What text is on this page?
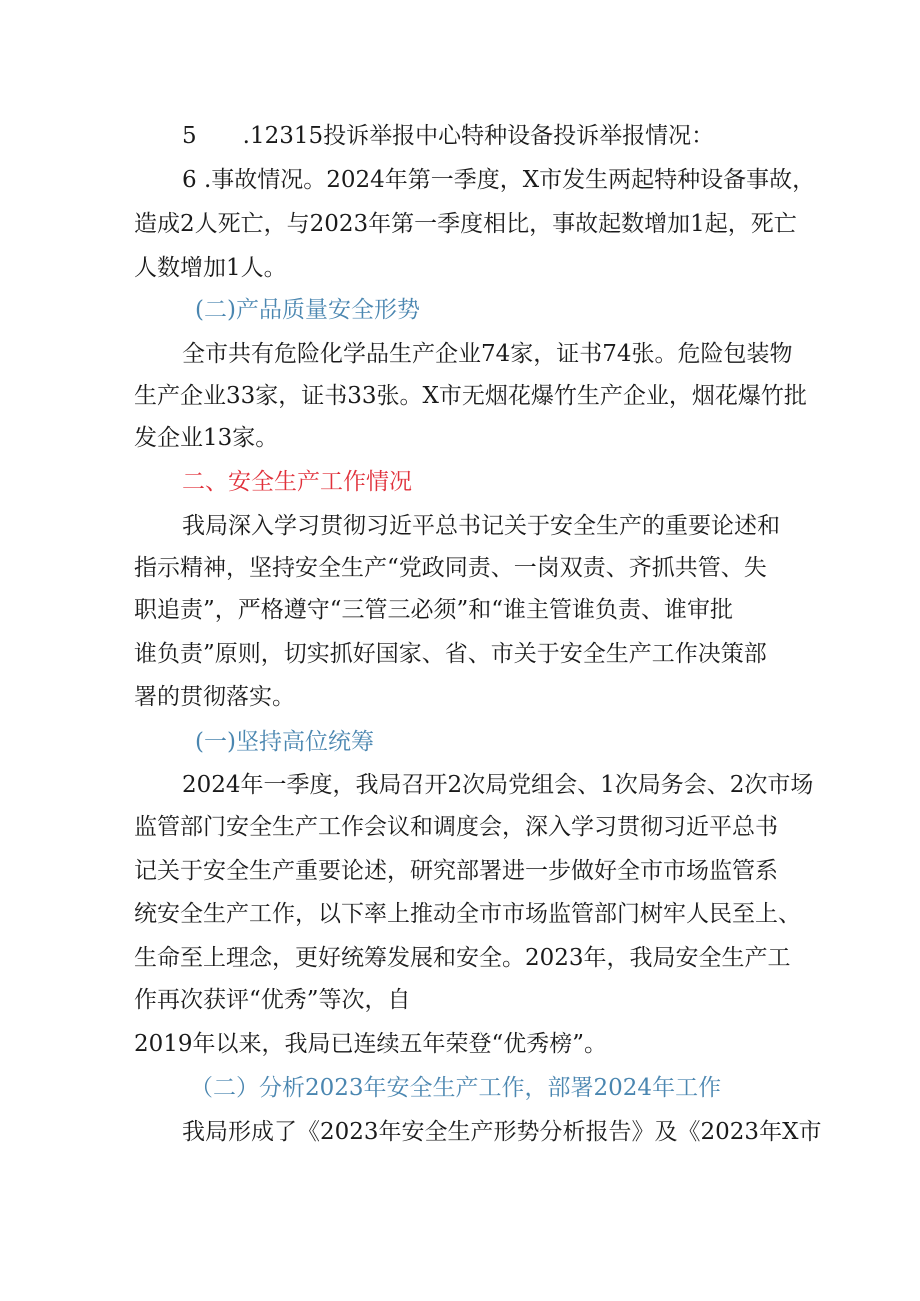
5 .12315投诉举报中心特种设备投诉举报情况：
6 .事故情况。2024年第一季度，X市发生两起特种设备事故，
造成2人死亡，与2023年第一季度相比，事故起数增加1起，死亡
人数增加1人。
(二)产品质量安全形势
全市共有危险化学品生产企业74家，证书74张。危险包装物
生产企业33家，证书33张。X市无烟花爆竹生产企业，烟花爆竹批
发企业13家。
二、安全生产工作情况
我局深入学习贯彻习近平总书记关于安全生产的重要论述和
指示精神，坚持安全生产“党政同责、一岗双责、齐抓共管、失
职追责”，严格遵守“三管三必须”和“谁主管谁负责、谁审批
谁负责”原则，切实抓好国家、省、市关于安全生产工作决策部
署的贯彻落实。
(一)坚持高位统筹
2024年一季度，我局召开2次局党组会、1次局务会、2次市场
监管部门安全生产工作会议和调度会，深入学习贯彻习近平总书
记关于安全生产重要论述，研究部署进一步做好全市市场监管系
统安全生产工作，以下率上推动全市市场监管部门树牢人民至上、
生命至上理念，更好统筹发展和安全。2023年，我局安全生产工
作再次获评“优秀”等次，自
2019年以来，我局已连续五年荣登“优秀榜”。
（二）分析2023年安全生产工作，部署2024年工作
我局形成了《2023年安全生产形势分析报告》及《2023年X市
